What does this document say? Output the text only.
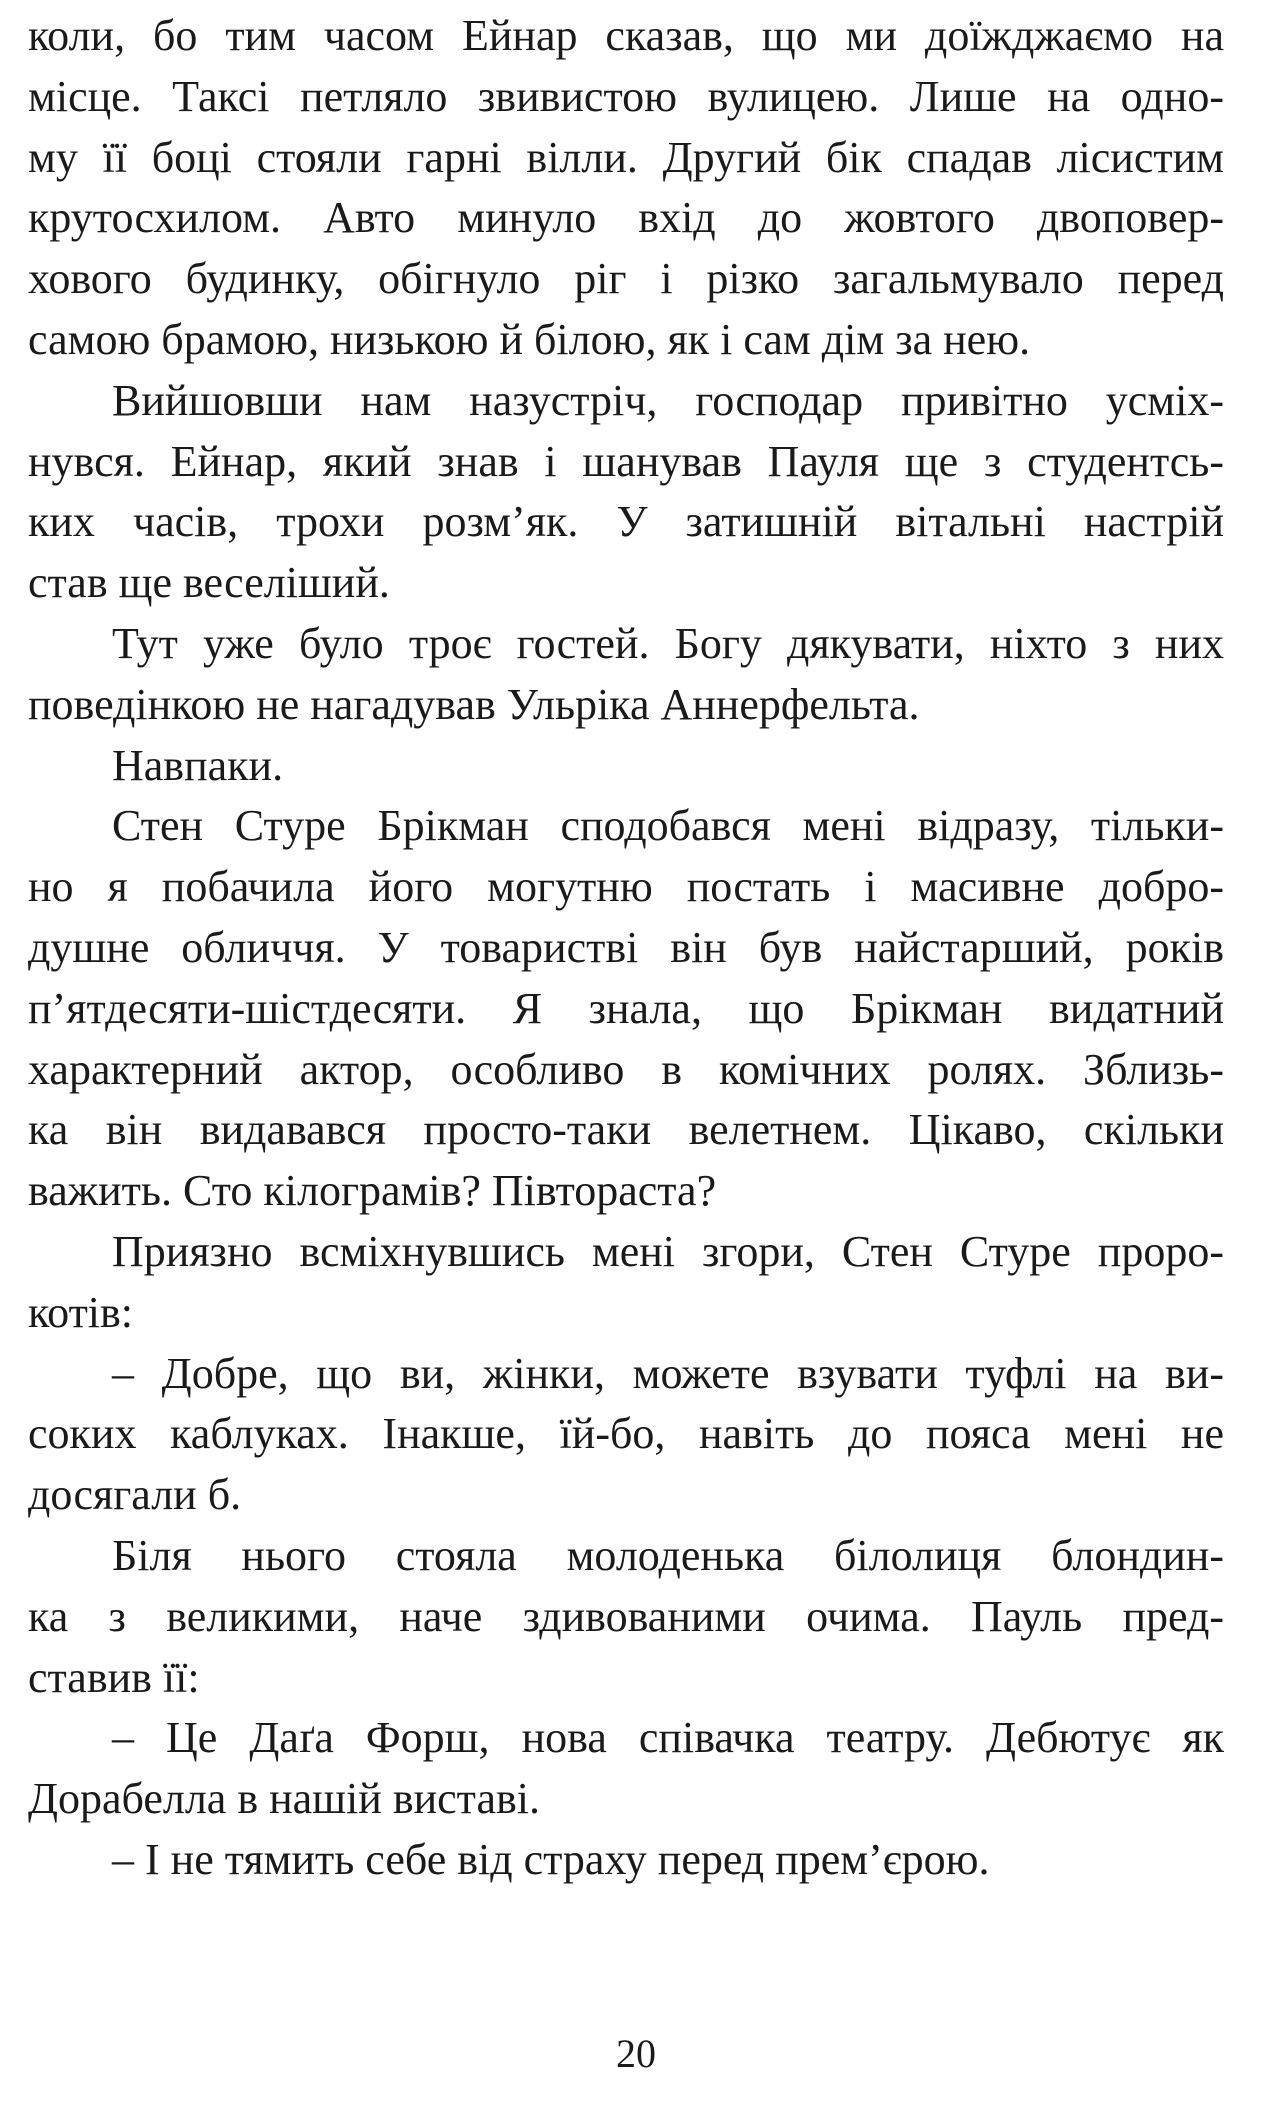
коли, бо тим часом Ейнар сказав, що ми доїжджаємо на
місце. Таксі петляло звивистою вулицею. Лише на одно-
му її боці стояли гарні вілли. Другий бік спадав лісистим
крутосхилом. Авто минуло вхід до жовтого двоповер-
хового будинку, обігнуло ріг і різко загальмувало перед
самою брамою, низькою й білою, як і сам дім за нею.
Вийшовши нам назустріч, господар привітно усміх-
нувся. Ейнар, який знав і шанував Пауля ще з студентсь-
ких часів, трохи розм’як. У затишній вітальні настрій
став ще веселіший.
Тут уже було троє гостей. Богу дякувати, ніхто з них
поведінкою не нагадував Ульріка Аннерфельта.
Навпаки.
Стен Стуре Брікман сподобався мені відразу, тільки-
но я побачила його могутню постать і масивне добро-
душне обличчя. У товаристві він був найстарший, років
п’ятдесяти-шістдесяти. Я знала, що Брікман видатний
характерний актор, особливо в комічних ролях. Зблизь-
ка він видавався просто-таки велетнем. Цікаво, скільки
важить. Сто кілограмів? Півтораста?
Приязно всміхнувшись мені згори, Стен Стуре проро-
котів:
– Добре, що ви, жінки, можете взувати туфлі на ви-
соких каблуках. Інакше, їй-бо, навіть до пояса мені не
досягали б.
Біля нього стояла молоденька білолиця блондин-
ка з великими, наче здивованими очима. Пауль пред-
ставив її:
– Це Даґа Форш, нова співачка театру. Дебютує як
Дорабелла в нашій виставі.
– І не тямить себе від страху перед прем’єрою.
20
